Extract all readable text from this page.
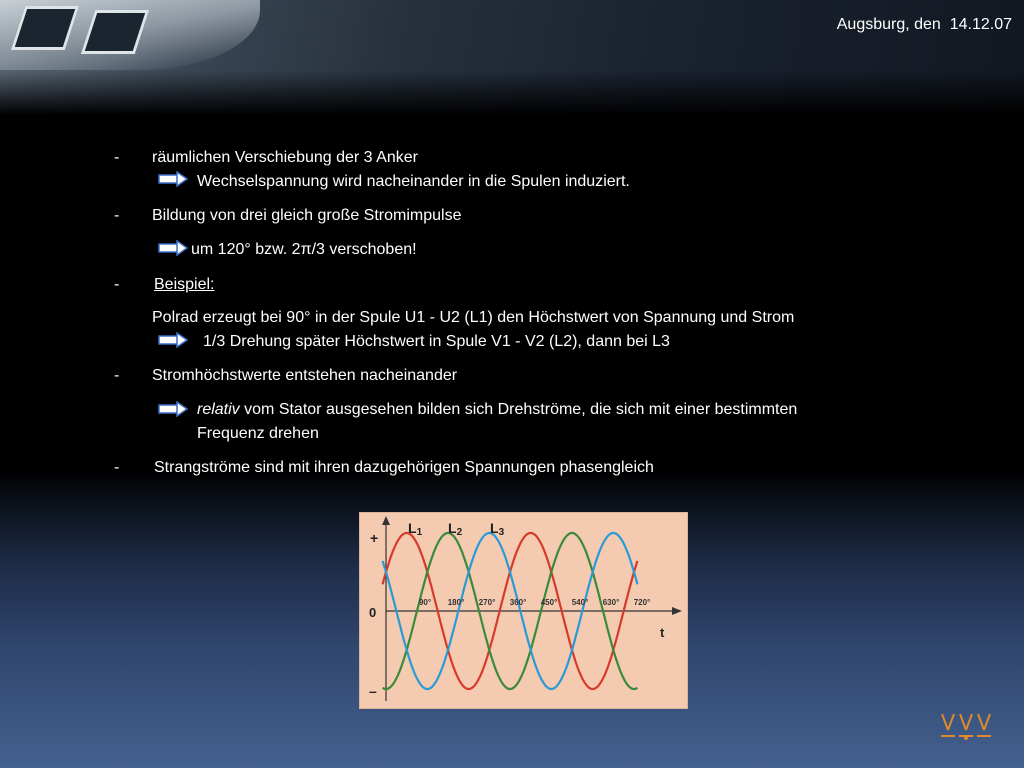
Augsburg, den  14.12.07
- räumlichen Verschiebung der 3 Anker
Wechselspannung wird nacheinander in die Spulen induziert.
- Bildung von drei gleich große Stromimpulse
um 120° bzw. 2π/3 verschoben!
- Beispiel:
Polrad erzeugt bei 90° in der Spule U1 - U2 (L1) den Höchstwert von Spannung und Strom
1/3 Drehung später Höchstwert in Spule V1 - V2 (L2), dann bei L3
- Stromhöchstwerte entstehen nacheinander
relativ vom Stator ausgesehen bilden sich Drehströme, die sich mit einer bestimmten
Frequenz drehen
- Strangströme sind mit ihren dazugehörigen Spannungen phasengleich
90° 180° 270° 360° 450° 540° 630° 720°
+
0
–
t
L1 L2 L3
